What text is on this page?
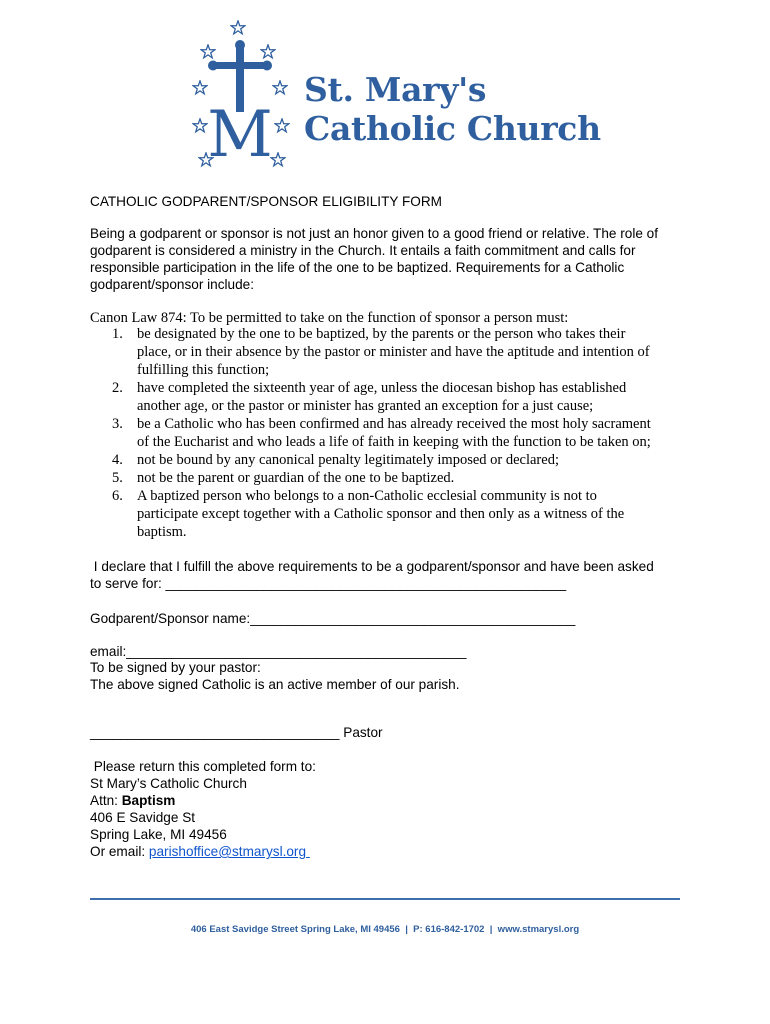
M
St. Mary's
Catholic Church
CATHOLIC GODPARENT/SPONSOR ELIGIBILITY FORM
Being a godparent or sponsor is not just an honor given to a good friend or relative. The role of
godparent is considered a ministry in the Church. It entails a faith commitment and calls for
responsible participation in the life of the one to be baptized. Requirements for a Catholic
godparent/sponsor include:
Canon Law 874: To be permitted to take on the function of sponsor a person must:
1. be designated by the one to be baptized, by the parents or the person who takes their
place, or in their absence by the pastor or minister and have the aptitude and intention of
fulfilling this function;
2. have completed the sixteenth year of age, unless the diocesan bishop has established
another age, or the pastor or minister has granted an exception for a just cause;
3. be a Catholic who has been confirmed and has already received the most holy sacrament
of the Eucharist and who leads a life of faith in keeping with the function to be taken on;
4. not be bound by any canonical penalty legitimately imposed or declared;
5. not be the parent or guardian of the one to be baptized.
6. A baptized person who belongs to a non-Catholic ecclesial community is not to
participate except together with a Catholic sponsor and then only as a witness of the
baptism.
I declare that I fulfill the above requirements to be a godparent/sponsor and have been asked
to serve for: _____________________________________________________
Godparent/Sponsor name:___________________________________________
email:_____________________________________________
To be signed by your pastor:
The above signed Catholic is an active member of our parish.
_________________________________ Pastor
Please return this completed form to:
St Mary’s Catholic Church
Attn: Baptism
406 E Savidge St
Spring Lake, MI 49456
Or email: parishoffice@stmarysl.org
406 East Savidge Street Spring Lake, MI 49456  |  P: 616-842-1702  |  www.stmarysl.org
